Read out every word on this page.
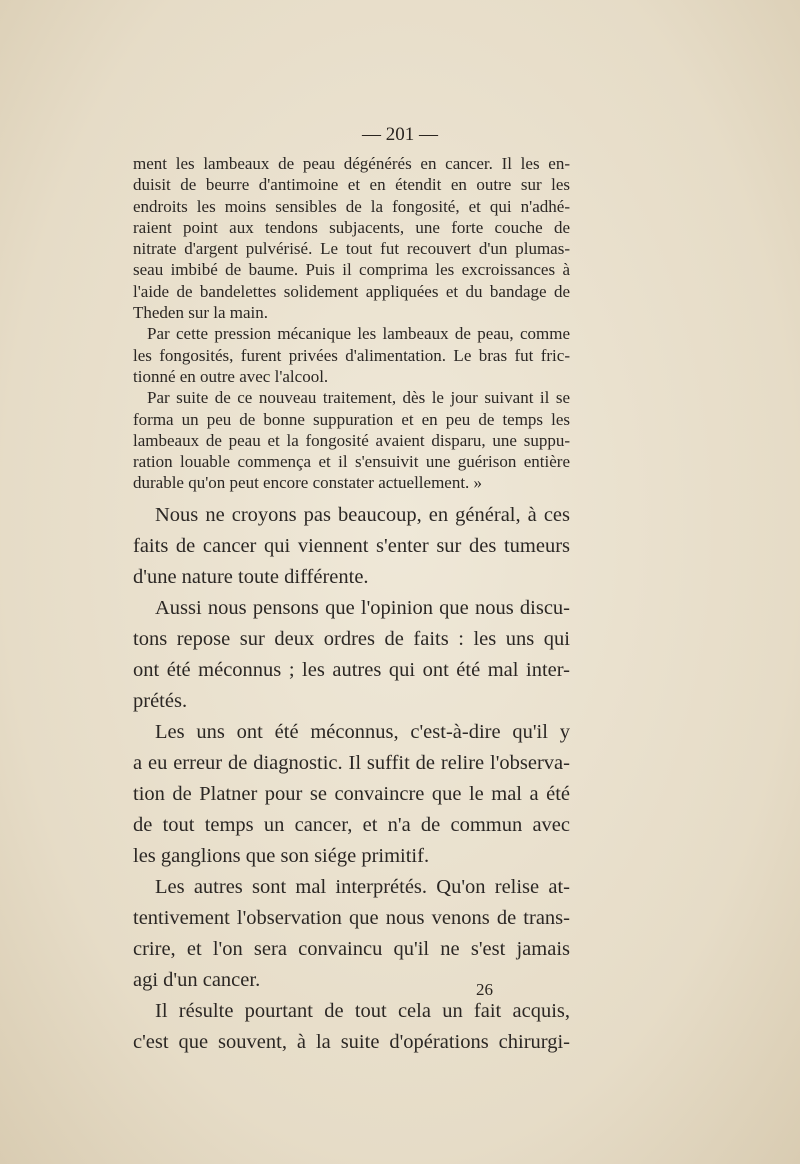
— 201 —
ment les lambeaux de peau dégénérés en cancer. Il les en-
duisit de beurre d'antimoine et en étendit en outre sur les
endroits les moins sensibles de la fongosité, et qui n'adhé-
raient point aux tendons subjacents, une forte couche de
nitrate d'argent pulvérisé. Le tout fut recouvert d'un plumas-
seau imbibé de baume. Puis il comprima les excroissances à
l'aide de bandelettes solidement appliquées et du bandage de
Theden sur la main.
Par cette pression mécanique les lambeaux de peau, comme
les fongosités, furent privées d'alimentation. Le bras fut fric-
tionné en outre avec l'alcool.
Par suite de ce nouveau traitement, dès le jour suivant il se
forma un peu de bonne suppuration et en peu de temps les
lambeaux de peau et la fongosité avaient disparu, une suppu-
ration louable commença et il s'ensuivit une guérison entière
durable qu'on peut encore constater actuellement. »
Nous ne croyons pas beaucoup, en général, à ces
faits de cancer qui viennent s'enter sur des tumeurs
d'une nature toute différente.
Aussi nous pensons que l'opinion que nous discu-
tons repose sur deux ordres de faits : les uns qui
ont été méconnus ; les autres qui ont été mal inter-
prétés.
Les uns ont été méconnus, c'est-à-dire qu'il y
a eu erreur de diagnostic. Il suffit de relire l'observa-
tion de Platner pour se convaincre que le mal a été
de tout temps un cancer, et n'a de commun avec
les ganglions que son siége primitif.
Les autres sont mal interprétés. Qu'on relise at-
tentivement l'observation que nous venons de trans-
crire, et l'on sera convaincu qu'il ne s'est jamais
agi d'un cancer.
Il résulte pourtant de tout cela un fait acquis,
c'est que souvent, à la suite d'opérations chirurgi-
26
